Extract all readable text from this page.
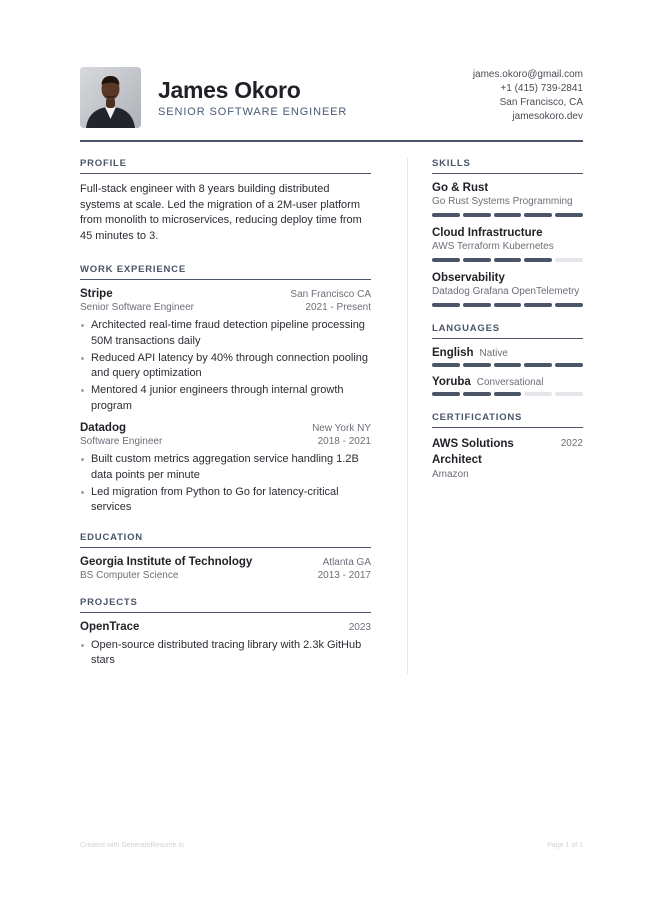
James Okoro
SENIOR SOFTWARE ENGINEER
james.okoro@gmail.com
+1 (415) 739-2841
San Francisco, CA
jamesokoro.dev
PROFILE
Full-stack engineer with 8 years building distributed systems at scale. Led the migration of a 2M-user platform from monolith to microservices, reducing deploy time from 45 minutes to 3.
WORK EXPERIENCE
Stripe	San Francisco CA
Senior Software Engineer	2021 - Present
Architected real-time fraud detection pipeline processing 50M transactions daily
Reduced API latency by 40% through connection pooling and query optimization
Mentored 4 junior engineers through internal growth program
Datadog	New York NY
Software Engineer	2018 - 2021
Built custom metrics aggregation service handling 1.2B data points per minute
Led migration from Python to Go for latency-critical services
EDUCATION
Georgia Institute of Technology	Atlanta GA
BS Computer Science	2013 - 2017
PROJECTS
OpenTrace	2023
Open-source distributed tracing library with 2.3k GitHub stars
SKILLS
Go & Rust
Go Rust Systems Programming
Cloud Infrastructure
AWS Terraform Kubernetes
Observability
Datadog Grafana OpenTelemetry
LANGUAGES
English Native
Yoruba Conversational
CERTIFICATIONS
AWS Solutions Architect
2022
Amazon
Created with GenerateResume.io	Page 1 of 1
